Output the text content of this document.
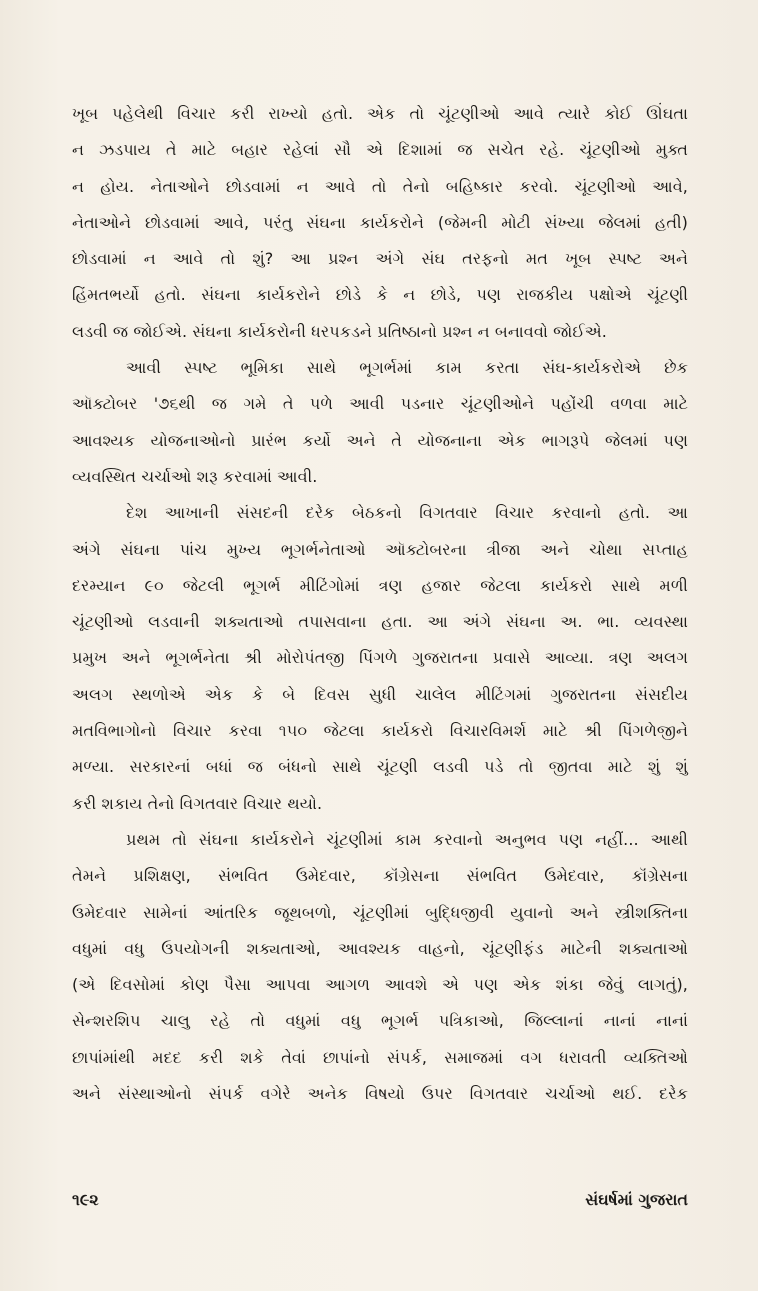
ખૂબ પહેલેથી વિચાર કરી રાખ્યો હતો. એક તો ચૂંટણીઓ આવે ત્યારે કોઈ ઊંઘતા
ન ઝડપાય તે માટે બહાર રહેલાં સૌ એ દિશામાં જ સચેત રહે. ચૂંટણીઓ મુક્ત
ન હોય. નેતાઓને છોડવામાં ન આવે તો તેનો બહિષ્કાર કરવો. ચૂંટણીઓ આવે,
નેતાઓને છોડવામાં આવે, પરંતુ સંઘના કાર્યકરોને (જેમની મોટી સંખ્યા જેલમાં હતી)
છોડવામાં ન આવે તો શું? આ પ્રશ્ન અંગે સંઘ તરફનો મત ખૂબ સ્પષ્ટ અને
હિંમતભર્યો હતો. સંઘના કાર્યકરોને છોડે કે ન છોડે, પણ રાજકીય પક્ષોએ ચૂંટણી
લડવી જ જોઈએ. સંઘના કાર્યકરોની ધરપકડને પ્રતિષ્ઠાનો પ્રશ્ન ન બનાવવો જોઈએ.
આવી સ્પષ્ટ ભૂમિકા સાથે ભૂગર્ભમાં કામ કરતા સંઘ-કાર્યકરોએ છેક
ઑક્ટોબર '૭૬થી જ ગમે તે પળે આવી પડનાર ચૂંટણીઓને પહોંચી વળવા માટે
આવશ્યક યોજનાઓનો પ્રારંભ કર્યો અને તે યોજનાના એક ભાગરૂપે જેલમાં પણ
વ્યવસ્થિત ચર્ચાઓ શરૂ કરવામાં આવી.
દેશ આખાની સંસદની દરેક બેઠકનો વિગતવાર વિચાર કરવાનો હતો. આ
અંગે સંઘના પાંચ મુખ્ય ભૂગર્ભનેતાઓ ઑક્ટોબરના ત્રીજા અને ચોથા સપ્તાહ
દરમ્યાન ૯૦ જેટલી ભૂગર્ભ મીટિંગોમાં ત્રણ હજાર જેટલા કાર્યકરો સાથે મળી
ચૂંટણીઓ લડવાની શક્યતાઓ તપાસવાના હતા. આ અંગે સંઘના અ. ભા. વ્યવસ્થા
પ્રમુખ અને ભૂગર્ભનેતા શ્રી મોરોપંતજી પિંગળે ગુજરાતના પ્રવાસે આવ્યા. ત્રણ અલગ
અલગ સ્થળોએ એક કે બે દિવસ સુધી ચાલેલ મીટિંગમાં ગુજરાતના સંસદીય
મતવિભાગોનો વિચાર કરવા ૧૫૦ જેટલા કાર્યકરો વિચારવિમર્શ માટે શ્રી પિંગળેજીને
મળ્યા. સરકારનાં બધાં જ બંધનો સાથે ચૂંટણી લડવી પડે તો જીતવા માટે શું શું
કરી શકાય તેનો વિગતવાર વિચાર થયો.
પ્રથમ તો સંઘના કાર્યકરોને ચૂંટણીમાં કામ કરવાનો અનુભવ પણ નહીં... આથી
તેમને પ્રશિક્ષણ, સંભવિત ઉમેદવાર, કૉંગ્રેસના સંભવિત ઉમેદવાર, કૉંગ્રેસના
ઉમેદવાર સામેનાં આંતરિક જૂથબળો, ચૂંટણીમાં બુદ્ધિજીવી યુવાનો અને સ્ત્રીશક્તિના
વધુમાં વધુ ઉપયોગની શક્યતાઓ, આવશ્યક વાહનો, ચૂંટણીફંડ માટેની શક્યતાઓ
(એ દિવસોમાં કોણ પૈસા આપવા આગળ આવશે એ પણ એક શંકા જેવું લાગતું),
સેન્શરશિપ ચાલુ રહે તો વધુમાં વધુ ભૂગર્ભ પત્રિકાઓ, જિલ્લાનાં નાનાં નાનાં
છાપાંમાંથી મદદ કરી શકે તેવાં છાપાંનો સંપર્ક, સમાજમાં વગ ધરાવતી વ્યક્તિઓ
અને સંસ્થાઓનો સંપર્ક વગેરે અનેક વિષયો ઉપર વિગતવાર ચર્ચાઓ થઈ. દરેક
૧૯૨	સંઘર્ષમાં ગુજરાત
